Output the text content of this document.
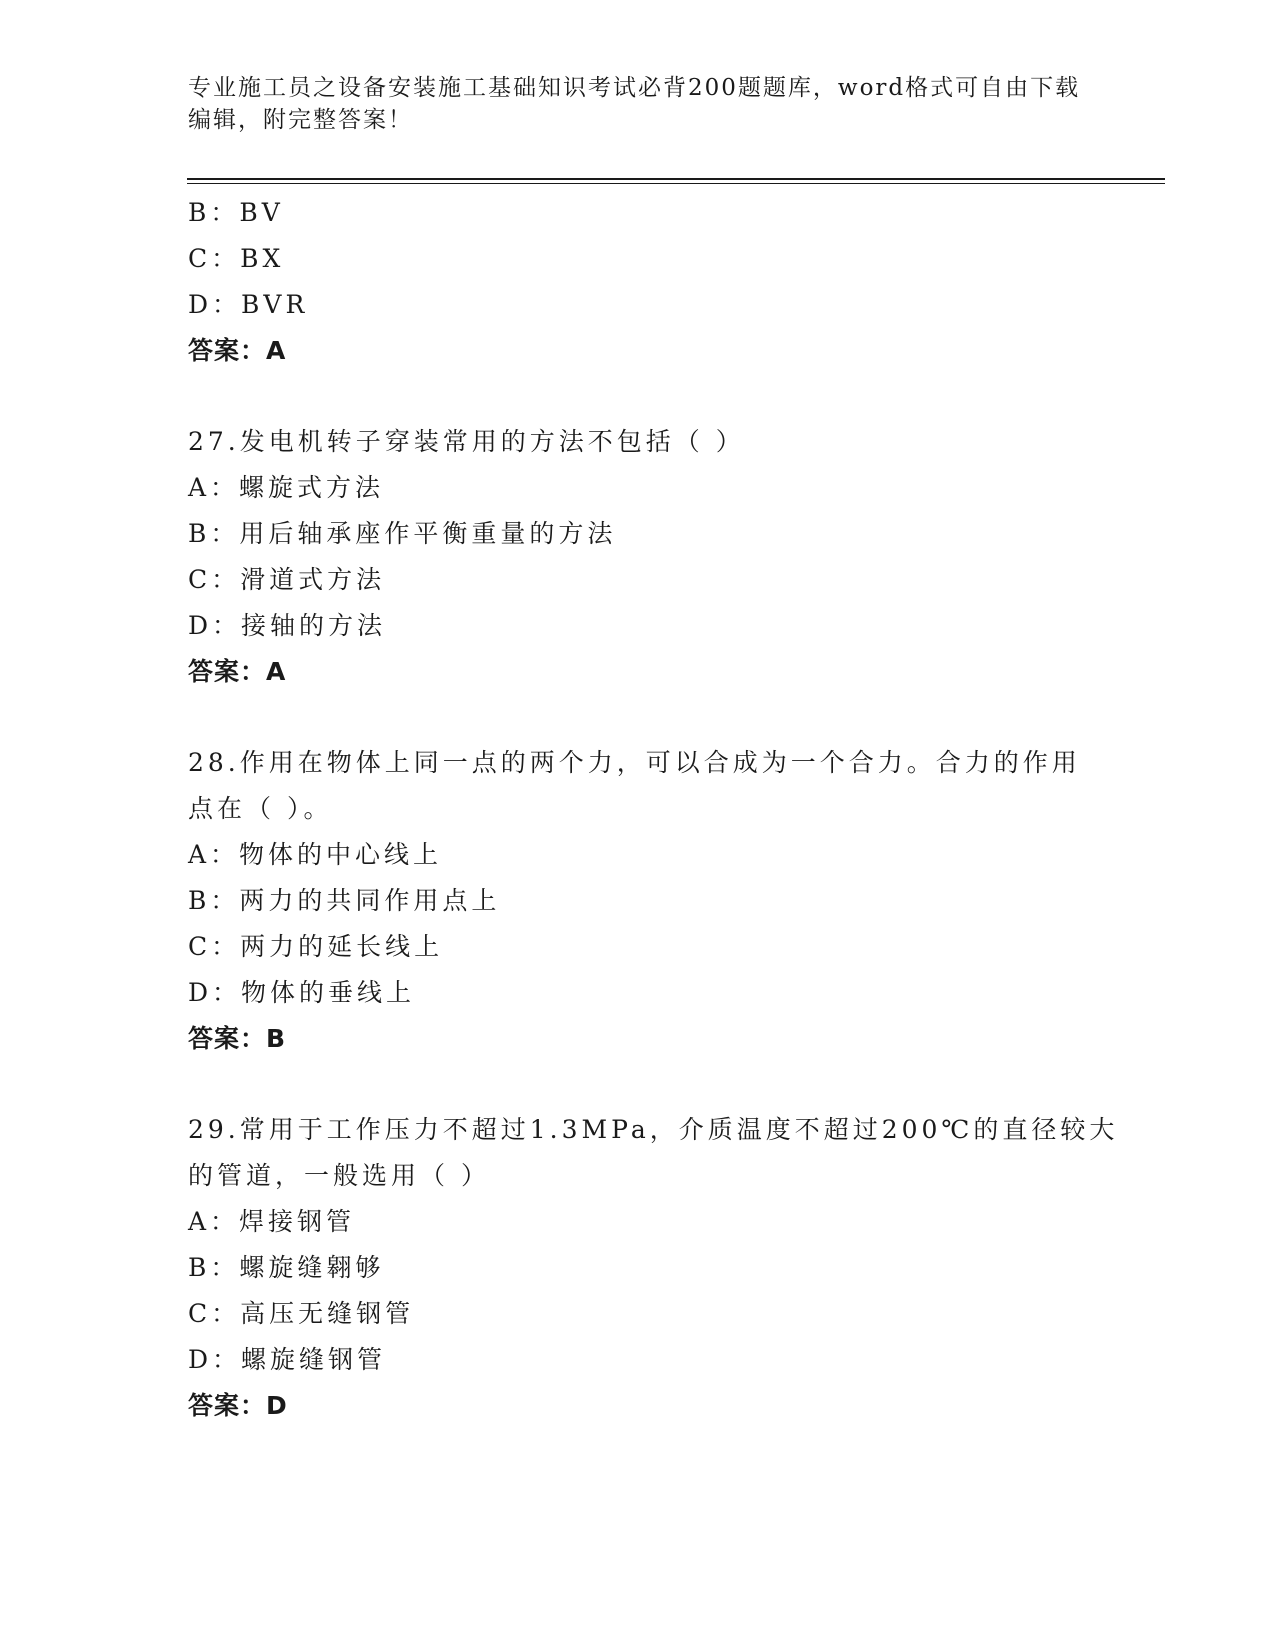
专业施工员之设备安装施工基础知识考试必背200题题库，word格式可自由下载编辑，附完整答案！
B：BV
C：BX
D：BVR
答案：A
27.发电机转子穿装常用的方法不包括（ ）
A：螺旋式方法
B：用后轴承座作平衡重量的方法
C：滑道式方法
D：接轴的方法
答案：A
28.作用在物体上同一点的两个力，可以合成为一个合力。合力的作用
点在（ ）。
A：物体的中心线上
B：两力的共同作用点上
C：两力的延长线上
D：物体的垂线上
答案：B
29.常用于工作压力不超过1.3MPa，介质温度不超过200℃的直径较大
的管道，一般选用（ ）
A：焊接钢管
B：螺旋缝翱够
C：高压无缝钢管
D：螺旋缝钢管
答案：D
